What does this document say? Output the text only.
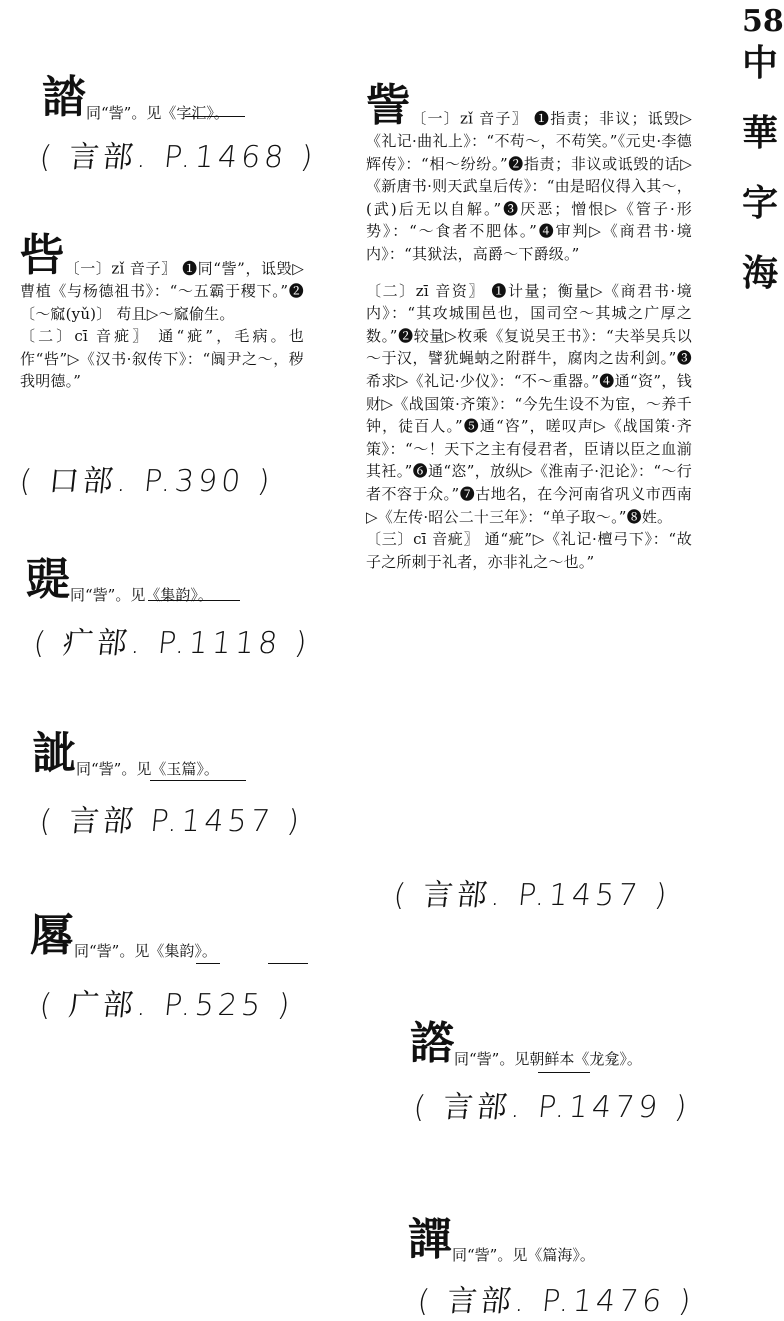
58
中
華
字
海
誻同“訾”。见《字汇》。
( 言部. P.1468 )
呰〔一〕zǐ 音子〗 ❶同“訾”，诋毁▷曹植《与杨德祖书》：“～五霸于稷下。”❷〔～窳(yǔ)〕 苟且▷～窳偷生。
〔二〕cī 音疵〗 通“疵”，毛病。也作“呰”▷《汉书·叙传下》：“阘尹之～，秽我明德。”
( 口部. P.390 )
䜻同“訾”。见《集韵》。
( 疒部. P.1118 )
訿同“訾”。见《玉篇》。
( 言部 P.1457 )
厬同“訾”。见《集韵》。
( 广部. P.525 )
訾〔一〕zǐ 音子〗 ❶指责；非议；诋毁▷《礼记·曲礼上》：“不苟～，不苟笑。”《元史·李德辉传》：“相～纷纷。”❷指责；非议或诋毁的话▷《新唐书·则天武皇后传》：“由是昭仪得入其～，(武)后无以自解。”❸厌恶；憎恨▷《管子·形势》：“～食者不肥体。”❹审判▷《商君书·境内》：“其狱法，高爵～下爵级。”
〔二〕zī 音资〗 ❶计量；衡量▷《商君书·境内》：“其攻城围邑也，国司空～其城之广厚之数。”❷较量▷枚乘《复说吴王书》：“夫举吴兵以～于汉，譬犹蝇蚋之附群牛，腐肉之齿利剑。”❸希求▷《礼记·少仪》：“不～重器。”❹通“资”，钱财▷《战国策·齐策》：“今先生设不为宦，～养千钟，徒百人。”❺通“咨”，嗟叹声▷《战国策·齐策》：“～！天下之主有侵君者，臣请以臣之血湔其衽。”❻通“恣”，放纵▷《淮南子·氾论》：“～行者不容于众。”❼古地名，在今河南省巩义市西南▷《左传·昭公二十三年》：“单子取～。”❽姓。
〔三〕cī 音疵〗 通“疵”▷《礼记·檀弓下》：“故子之所刺于礼者，亦非礼之～也。”
( 言部. P.1457 )
譗同“訾”。见朝鲜本《龙龛》。
( 言部. P.1479 )
譂同“訾”。见《篇海》。
( 言部. P.1476 )
